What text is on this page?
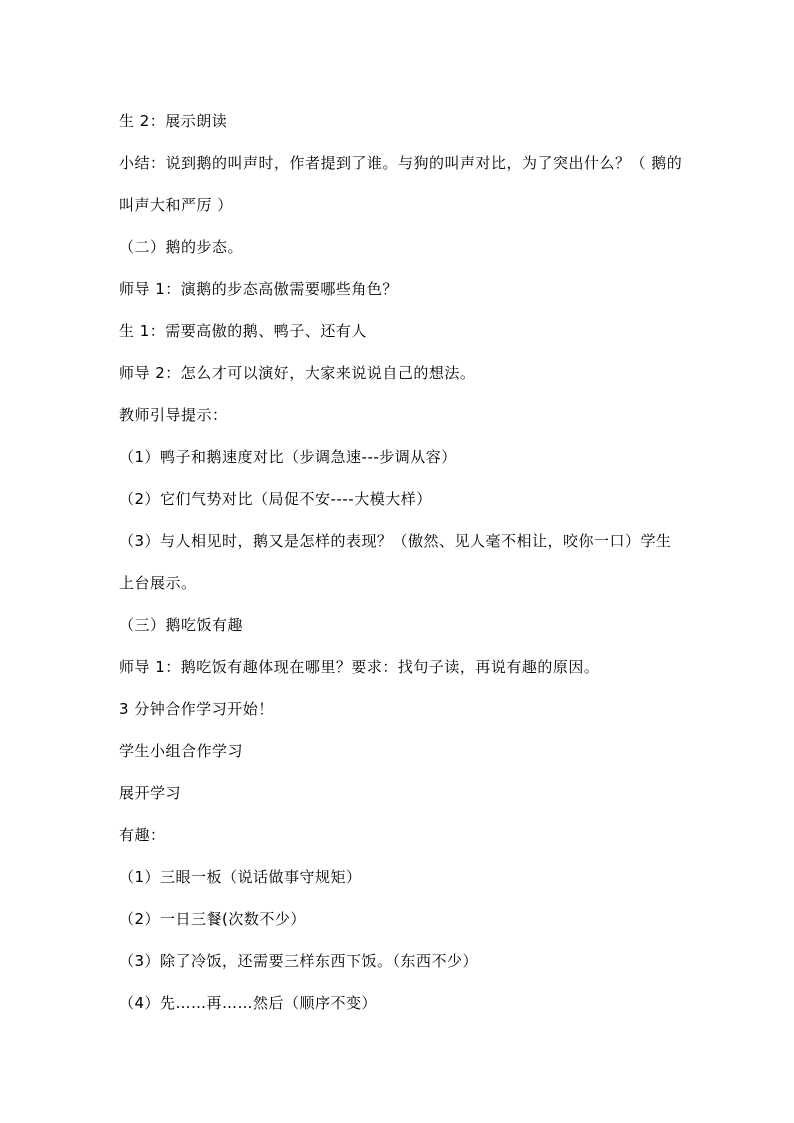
生 2：展示朗读

小结：说到鹅的叫声时，作者提到了谁。与狗的叫声对比，为了突出什么？（ 鹅的叫声大和严厉 ）

（二）鹅的步态。

师导 1：演鹅的步态高傲需要哪些角色？

生 1：需要高傲的鹅、鸭子、还有人

师导 2：怎么才可以演好，大家来说说自己的想法。

教师引导提示：

（1）鸭子和鹅速度对比（步调急速---步调从容）

（2）它们气势对比（局促不安----大模大样）

（3）与人相见时，鹅又是怎样的表现？（傲然、见人毫不相让，咬你一口）学生上台展示。

（三）鹅吃饭有趣

师导 1：鹅吃饭有趣体现在哪里？要求：找句子读，再说有趣的原因。

3 分钟合作学习开始！

学生小组合作学习

展开学习

有趣：

（1）三眼一板（说话做事守规矩）

（2）一日三餐(次数不少）

（3）除了冷饭，还需要三样东西下饭。（东西不少）

（4）先……再……然后（顺序不变）
